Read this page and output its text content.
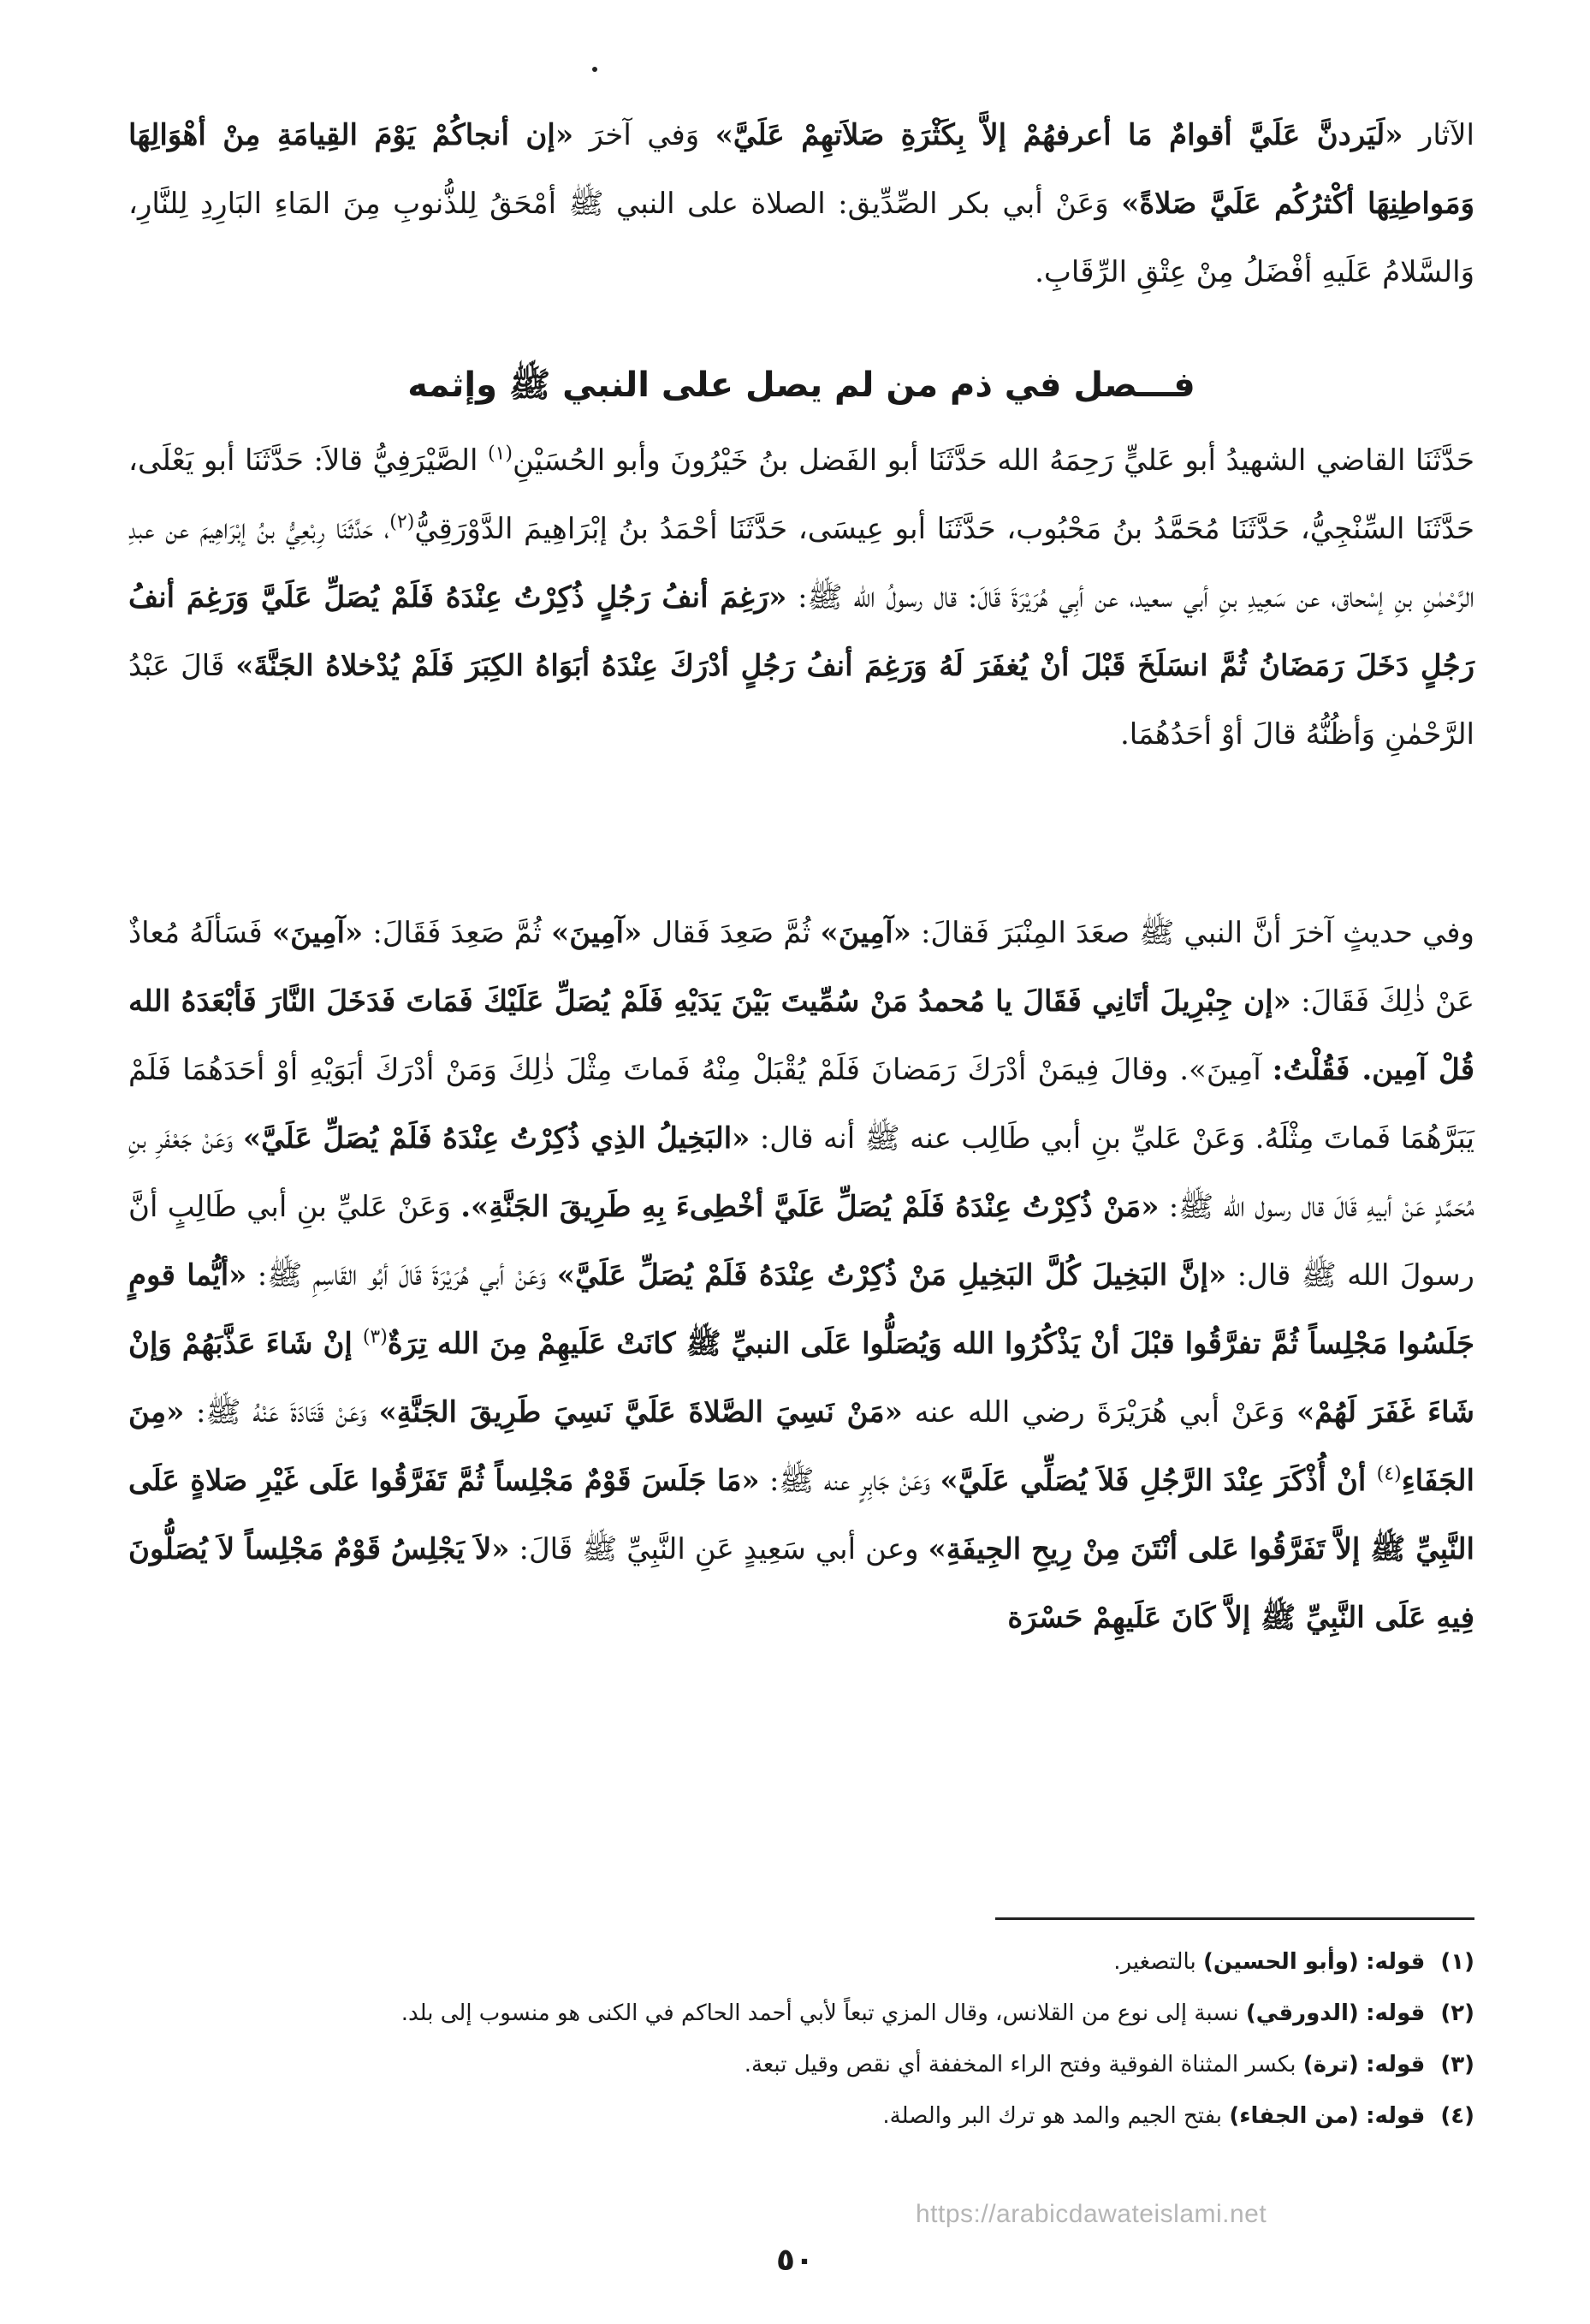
الآثار «لَيَردنَّ عَلَيَّ أقوامٌ مَا أعرفهُمْ إلاَّ بِكَثْرَةِ صَلاَتهِمْ عَلَيَّ» وَفي آخرَ «إن أنجاكُمْ يَوْمَ القِيامَةِ مِنْ أهْوَالِهَا وَمَواطِنِهَا أكْثرُكُم عَلَيَّ صَلاةً» وَعَنْ أبي بكر الصِّدِّيق: الصلاة على النبي ﷺ أمْحَقُ لِلذُّنوبِ مِنَ المَاءِ البَارِدِ لِلنَّارِ، وَالسَّلامُ عَلَيهِ أفْضَلُ مِنْ عِتْقِ الرِّقَابِ.

فـــصل في ذم من لم يصل على النبي ﷺ وإثمه

حَدَّثَنَا القاضي الشهيدُ أبو عَليٍّ رَحِمَهُ الله حَدَّثَنَا أبو الفَضل بنُ خَيْرُونَ وأبو الحُسَيْنِ$^{(١)}$ الصَّيْرَفِيُّ قالاَ: حَدَّثَنَا أبو يَعْلَى، حَدَّثَنَا السِّنْجِيُّ، حَدَّثَنَا مُحَمَّدُ بنُ مَحْبُوب، حَدَّثَنَا أبو عِيسَى، حَدَّثَنَا أحْمَدُ بنُ إبْرَاهِيمَ الدَّوْرَقِيُّ$^{(٢)}$، حَدَّثَنَا رِبْعِيُّ بنُ إبْرَاهِيمَ عن عبدِ الرَّحْمٰنِ بنِ إسْحاق، عن سَعِيدِ بنِ أبي سعيد، عن أبِي هُرَيْرَةَ قَالَ: قال رسولُ الله ﷺ: «رَغِمَ أنفُ رَجُلٍ ذُكِرْتُ عِنْدَهُ فَلَمْ يُصَلِّ عَلَيَّ وَرَغِمَ أنفُ رَجُلٍ دَخَلَ رَمَضَانُ ثُمَّ انسَلَخَ قَبْلَ أنْ يُغفَرَ لَهُ وَرَغِمَ أنفُ رَجُلٍ أدْرَكَ عِنْدَهُ أبَوَاهُ الكِبَرَ فَلَمْ يُدْخلاهُ الجَنَّةَ» قَالَ عَبْدُ الرَّحْمٰنِ وَأظُنُّهُ قالَ أوْ أحَدُهُمَا.

وفي حديثٍ آخرَ أنَّ النبي ﷺ صعَدَ المِنْبَرَ فَقالَ: «آمِينَ» ثُمَّ صَعِدَ فَقال «آمِينَ» ثُمَّ صَعِدَ فَقَالَ: «آمِينَ» فَسَألَهُ مُعاذٌ عَنْ ذٰلِكَ فَقَالَ: «إن جِبْرِيلَ أتَانِي فَقَالَ يا مُحمدُ مَنْ سُمِّيتَ بَيْنَ يَدَيْهِ فَلَمْ يُصَلِّ عَلَيْكَ فَمَاتَ فَدَخَلَ النَّارَ فَأبْعَدَهُ الله قُلْ آمِين. فَقُلْتُ: آمِينَ». وقالَ فِيمَنْ أدْرَكَ رَمَضانَ فَلَمْ يُقْبَلْ مِنْهُ فَماتَ مِثْلَ ذٰلِكَ وَمَنْ أدْرَكَ أبَوَيْهِ أوْ أحَدَهُمَا فَلَمْ يَبَرَّهُمَا فَماتَ مِثْلَهُ. وَعَنْ عَليِّ بنِ أبي طَالِب عنه ﷺ أنه قال: «البَخِيلُ الذِي ذُكِرْتُ عِنْدَهُ فَلَمْ يُصَلِّ عَلَيَّ» وَعَنْ جَعْفَرِ بنِ مُحَمَّدٍ عَنْ أبيهِ قَالَ قال رسول الله ﷺ: «مَنْ ذُكِرْتُ عِنْدَهُ فَلَمْ يُصَلِّ عَلَيَّ أخْطِىءَ بِهِ طَرِيقَ الجَنَّةِ». وَعَنْ عَليِّ بنِ أبي طَالِبٍ أنَّ رسولَ الله ﷺ قال: «إنَّ البَخِيلَ كُلَّ البَخِيلِ مَنْ ذُكِرْتُ عِنْدَهُ فَلَمْ يُصَلِّ عَلَيَّ» وَعَنْ أبي هُرَيْرَةَ قَالَ أبُو القَاسِمِ ﷺ: «أيُّما قومٍ جَلَسُوا مَجْلِساً ثُمَّ تفرَّقُوا قبْلَ أنْ يَذْكُرُوا الله وَيُصَلُّوا عَلَى النبيِّ ﷺ كانَتْ عَلَيهِمْ مِنَ الله تِرَةٌ$^{(٣)}$ إنْ شَاءَ عَذَّبَهُمْ وَإنْ شَاءَ غَفَرَ لَهُمْ» وَعَنْ أبي هُرَيْرَةَ رضي الله عنه «مَنْ نَسِيَ الصَّلاةَ عَلَيَّ نَسِيَ طَرِيقَ الجَنَّةِ» وَعَنْ قَتَادَةَ عَنْهُ ﷺ: «مِنَ الجَفَاءِ$^{(٤)}$ أنْ أُذْكَرَ عِنْدَ الرَّجُلِ فَلاَ يُصَلِّي عَلَيَّ» وَعَنْ جَابِرٍ عنه ﷺ: «مَا جَلَسَ قَوْمٌ مَجْلِساً ثُمَّ تَفَرَّقُوا عَلَى غَيْرِ صَلاةٍ عَلَى النَّبِيِّ ﷺ إلاَّ تَفَرَّقُوا عَلى أنْتَنَ مِنْ رِيحِ الجِيفَةِ» وعن أبي سَعِيدٍ عَنِ النَّبِيِّ ﷺ قَالَ: «لاَ يَجْلِسُ قَوْمٌ مَجْلِساً لاَ يُصَلُّونَ فِيهِ عَلَى النَّبِيِّ ﷺ إلاَّ كَانَ عَلَيهِمْ حَسْرَة

(١)
قوله: (وأبو الحسين) بالتصغير.
(٢)
قوله: (الدورقي) نسبة إلى نوع من القلانس، وقال المزي تبعاً لأبي أحمد الحاكم في الكنى هو منسوب إلى بلد.
(٣)
قوله: (ترة) بكسر المثناة الفوقية وفتح الراء المخففة أي نقص وقيل تبعة.
(٤)
قوله: (من الجفاء) بفتح الجيم والمد هو ترك البر والصلة.
https://arabicdawateislami.net
٥٠
